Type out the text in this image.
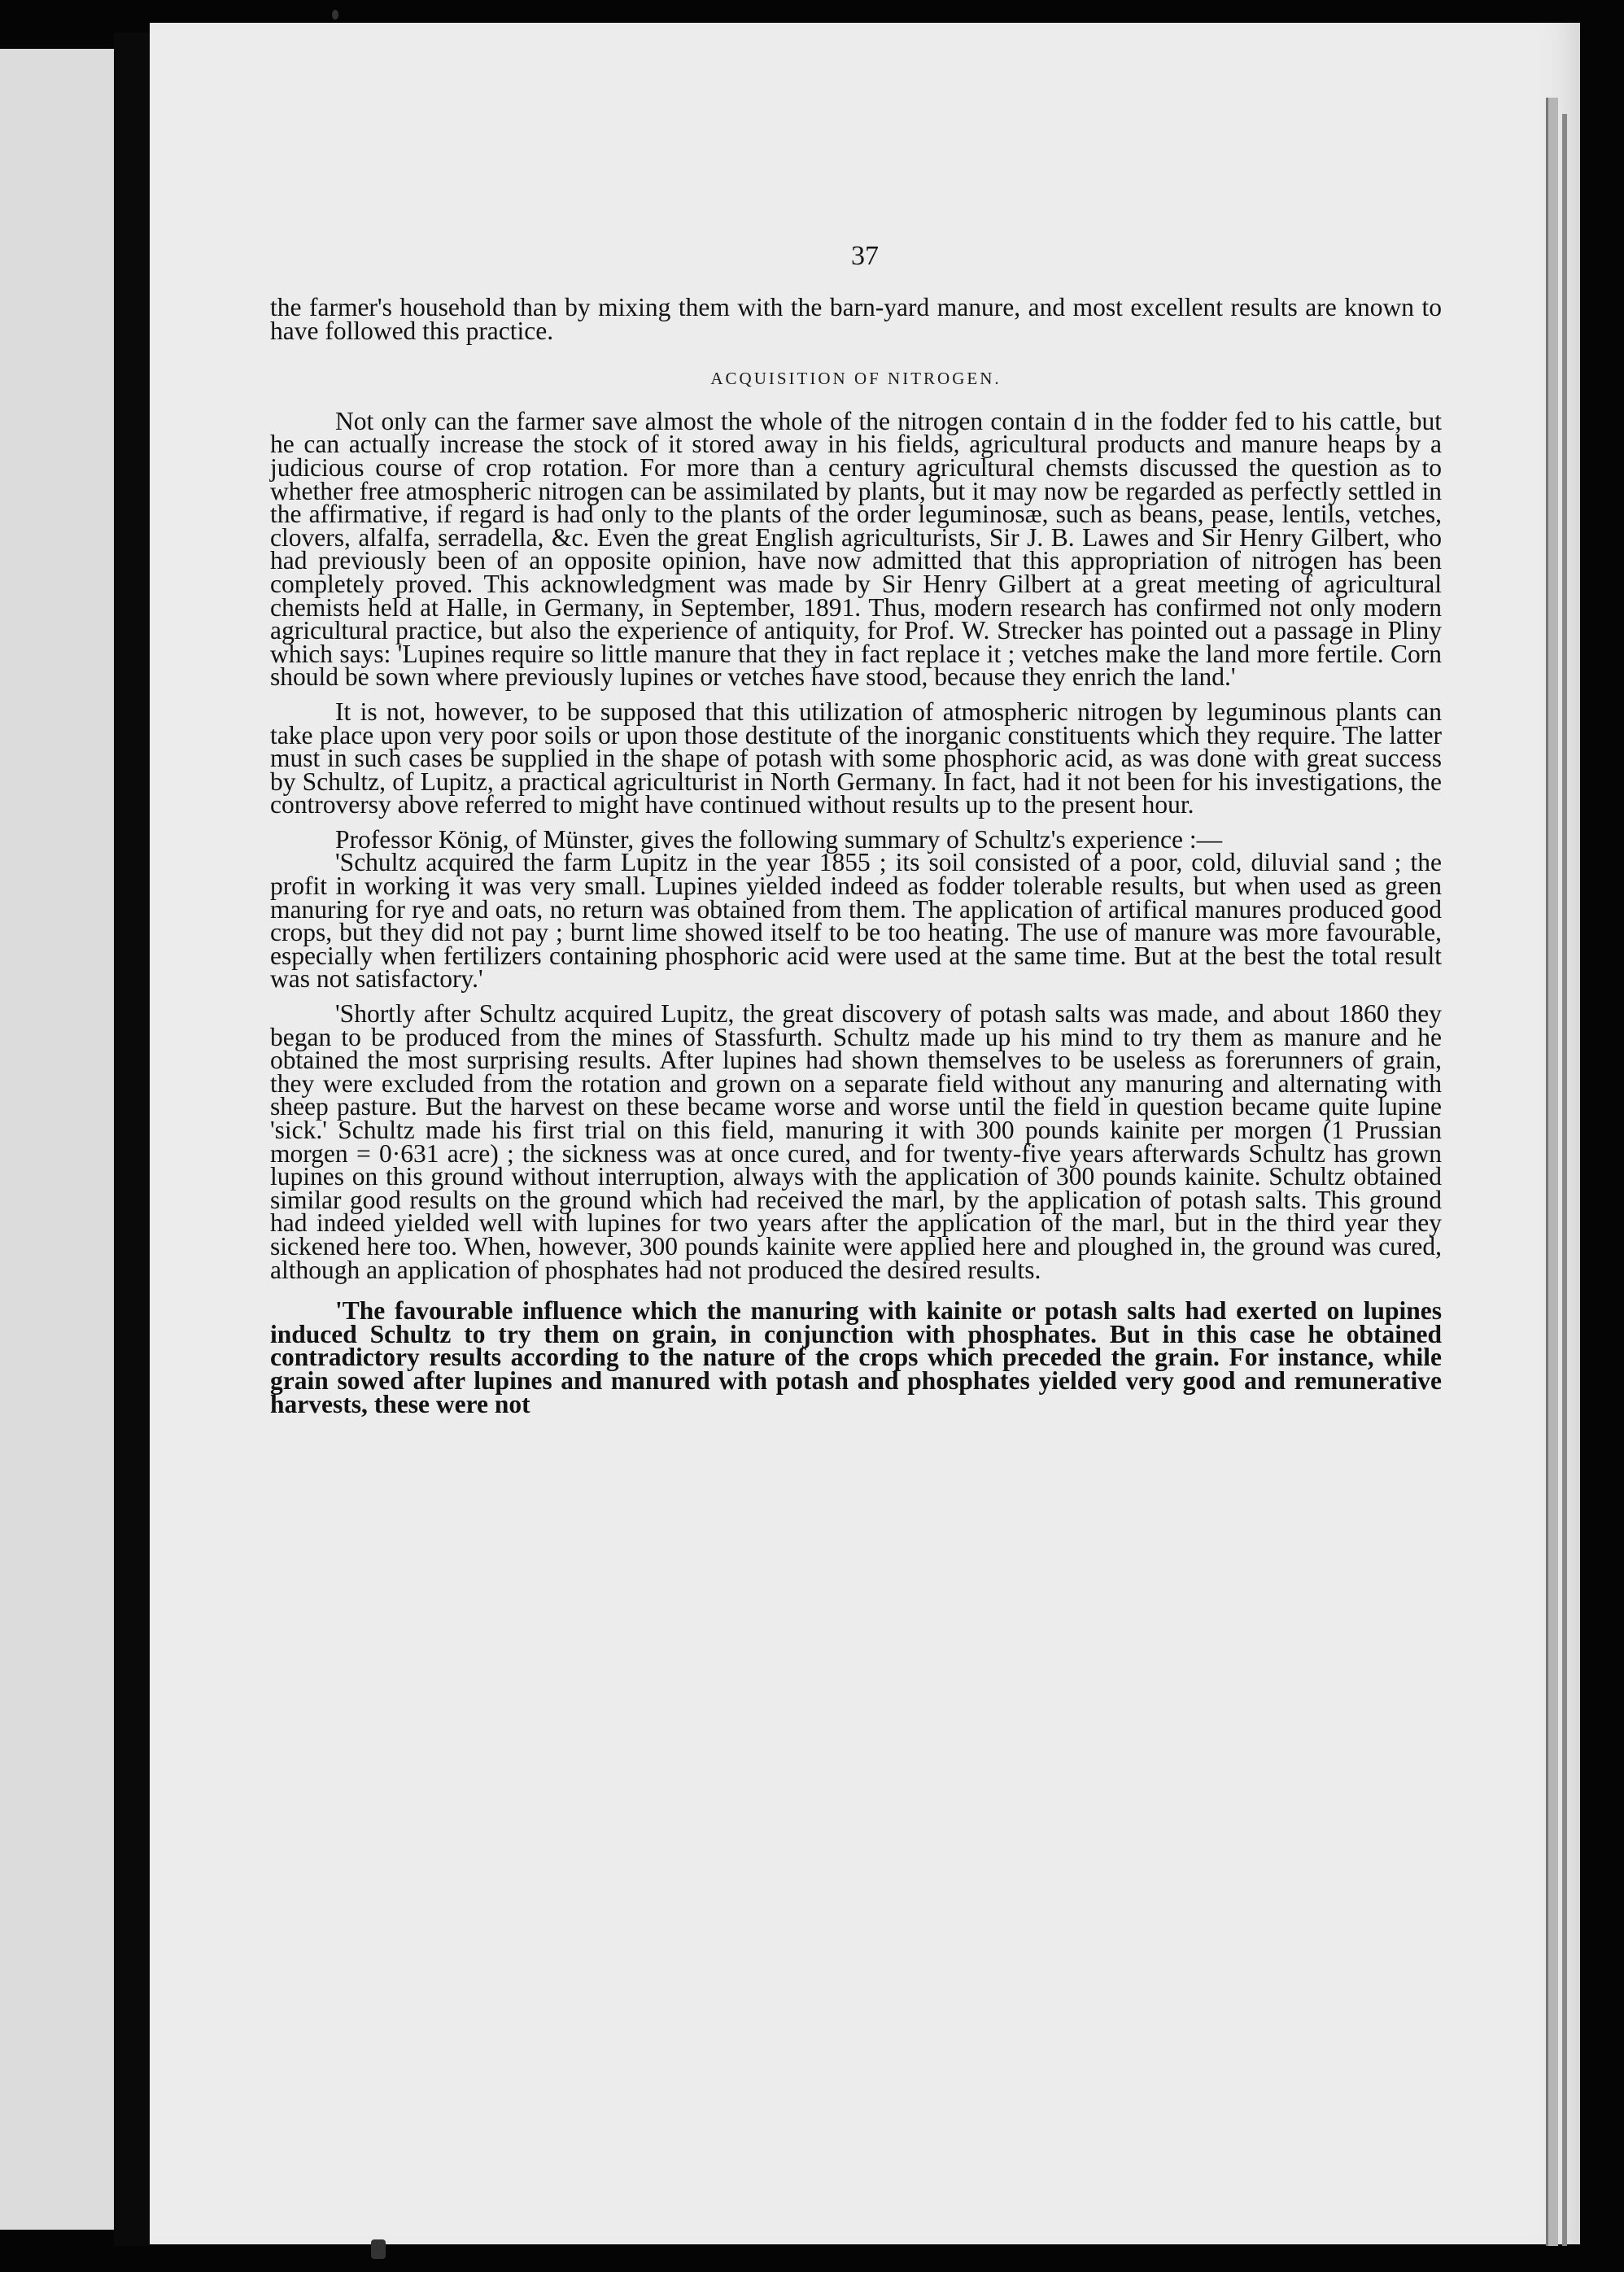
37

the farmer's household than by mixing them with the barn-yard manure, and most excellent results are known to have followed this practice.

ACQUISITION OF NITROGEN.

Not only can the farmer save almost the whole of the nitrogen contain d in the fodder fed to his cattle, but he can actually increase the stock of it stored away in his fields, agricultural products and manure heaps by a judicious course of crop rotation. For more than a century agricultural chemsts discussed the question as to whether free atmospheric nitrogen can be assimilated by plants, but it may now be regarded as perfectly settled in the affirmative, if regard is had only to the plants of the order leguminosæ, such as beans, pease, lentils, vetches, clovers, alfalfa, serradella, &c. Even the great English agriculturists, Sir J. B. Lawes and Sir Henry Gilbert, who had previously been of an opposite opinion, have now admitted that this appropriation of nitrogen has been completely proved. This acknowledgment was made by Sir Henry Gilbert at a great meeting of agricultural chemists held at Halle, in Germany, in September, 1891. Thus, modern research has confirmed not only modern agricultural practice, but also the experience of antiquity, for Prof. W. Strecker has pointed out a passage in Pliny which says: 'Lupines require so little manure that they in fact replace it ; vetches make the land more fertile. Corn should be sown where previously lupines or vetches have stood, because they enrich the land.'

It is not, however, to be supposed that this utilization of atmospheric nitrogen by leguminous plants can take place upon very poor soils or upon those destitute of the inorganic constituents which they require. The latter must in such cases be supplied in the shape of potash with some phosphoric acid, as was done with great success by Schultz, of Lupitz, a practical agriculturist in North Germany. In fact, had it not been for his investigations, the controversy above referred to might have continued without results up to the present hour.

Professor König, of Münster, gives the following summary of Schultz's experience :—

'Schultz acquired the farm Lupitz in the year 1855 ; its soil consisted of a poor, cold, diluvial sand ; the profit in working it was very small. Lupines yielded indeed as fodder tolerable results, but when used as green manuring for rye and oats, no return was obtained from them. The application of artifical manures produced good crops, but they did not pay ; burnt lime showed itself to be too heating. The use of manure was more favourable, especially when fertilizers containing phosphoric acid were used at the same time. But at the best the total result was not satisfactory.'

'Shortly after Schultz acquired Lupitz, the great discovery of potash salts was made, and about 1860 they began to be produced from the mines of Stassfurth. Schultz made up his mind to try them as manure and he obtained the most surprising results. After lupines had shown themselves to be useless as forerunners of grain, they were excluded from the rotation and grown on a separate field without any manuring and alternating with sheep pasture. But the harvest on these became worse and worse until the field in question became quite lupine 'sick.' Schultz made his first trial on this field, manuring it with 300 pounds kainite per morgen (1 Prussian morgen = 0·631 acre) ; the sickness was at once cured, and for twenty-five years afterwards Schultz has grown lupines on this ground without interruption, always with the application of 300 pounds kainite. Schultz obtained similar good results on the ground which had received the marl, by the application of potash salts. This ground had indeed yielded well with lupines for two years after the application of the marl, but in the third year they sickened here too. When, however, 300 pounds kainite were applied here and ploughed in, the ground was cured, although an application of phosphates had not produced the desired results.

'The favourable influence which the manuring with kainite or potash salts had exerted on lupines induced Schultz to try them on grain, in conjunction with phosphates. But in this case he obtained contradictory results according to the nature of the crops which preceded the grain. For instance, while grain sowed after lupines and manured with potash and phosphates yielded very good and remunerative harvests, these were not
